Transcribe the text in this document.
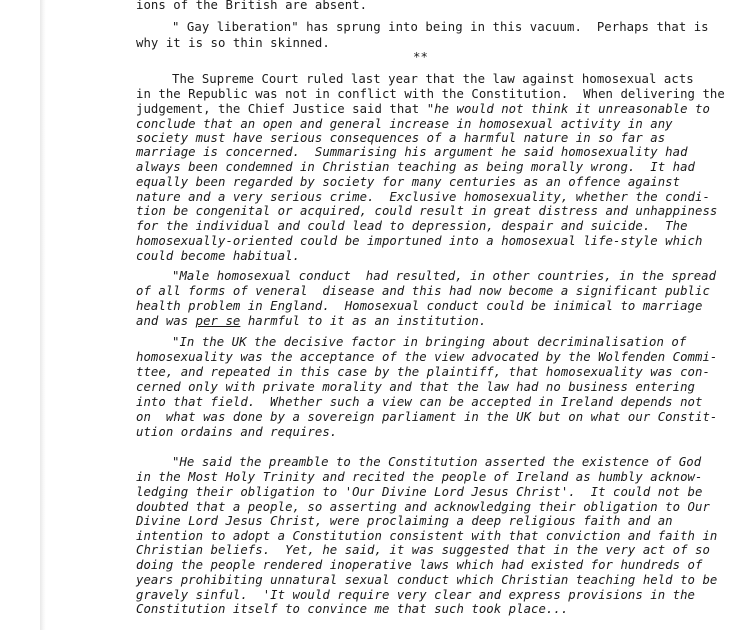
ions of the British are absent.
" Gay liberation" has sprung into being in this vacuum.  Perhaps that is
why it is so thin skinned.
**
The Supreme Court ruled last year that the law against homosexual acts
in the Republic was not in conflict with the Constitution.  When delivering the
judgement, the Chief Justice said that "he would not think it unreasonable to
conclude that an open and general increase in homosexual activity in any
society must have serious consequences of a harmful nature in so far as
marriage is concerned.  Summarising his argument he said homosexuality had
always been condemned in Christian teaching as being morally wrong.  It had
equally been regarded by society for many centuries as an offence against
nature and a very serious crime.  Exclusive homosexuality, whether the condi-
tion be congenital or acquired, could result in great distress and unhappiness
for the individual and could lead to depression, despair and suicide.  The
homosexually-oriented could be importuned into a homosexual life-style which
could become habitual.
"Male homosexual conduct  had resulted, in other countries, in the spread
of all forms of veneral  disease and this had now become a significant public
health problem in England.  Homosexual conduct could be inimical to marriage
and was per se harmful to it as an institution.
"In the UK the decisive factor in bringing about decriminalisation of
homosexuality was the acceptance of the view advocated by the Wolfenden Commi-
ttee, and repeated in this case by the plaintiff, that homosexuality was con-
cerned only with private morality and that the law had no business entering
into that field.  Whether such a view can be accepted in Ireland depends not
on  what was done by a sovereign parliament in the UK but on what our Constit-
ution ordains and requires.
"He said the preamble to the Constitution asserted the existence of God
in the Most Holy Trinity and recited the people of Ireland as humbly acknow-
ledging their obligation to 'Our Divine Lord Jesus Christ'.  It could not be
doubted that a people, so asserting and acknowledging their obligation to Our
Divine Lord Jesus Christ, were proclaiming a deep religious faith and an
intention to adopt a Constitution consistent with that conviction and faith in
Christian beliefs.  Yet, he said, it was suggested that in the very act of so
doing the people rendered inoperative laws which had existed for hundreds of
years prohibiting unnatural sexual conduct which Christian teaching held to be
gravely sinful.  'It would require very clear and express provisions in the
Constitution itself to convince me that such took place...
